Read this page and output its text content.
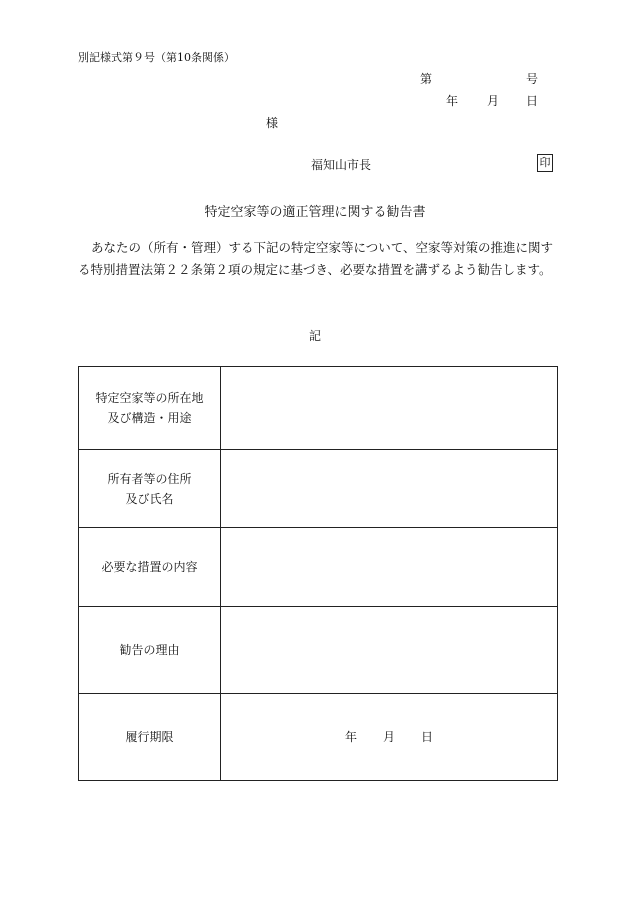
別記様式第９号（第10条関係）
第	号
年 月 日
様
福知山市長	印
特定空家等の適正管理に関する勧告書
あなたの（所有・管理）する下記の特定空家等について、空家等対策の推進に関する特別措置法第２２条第２項の規定に基づき、必要な措置を講ずるよう勧告します。
記
特定空家等の所在地
及び構造・用途	

所有者等の住所
及び氏名	

必要な措置の内容	

勧告の理由	

履行期限	年 月 日
